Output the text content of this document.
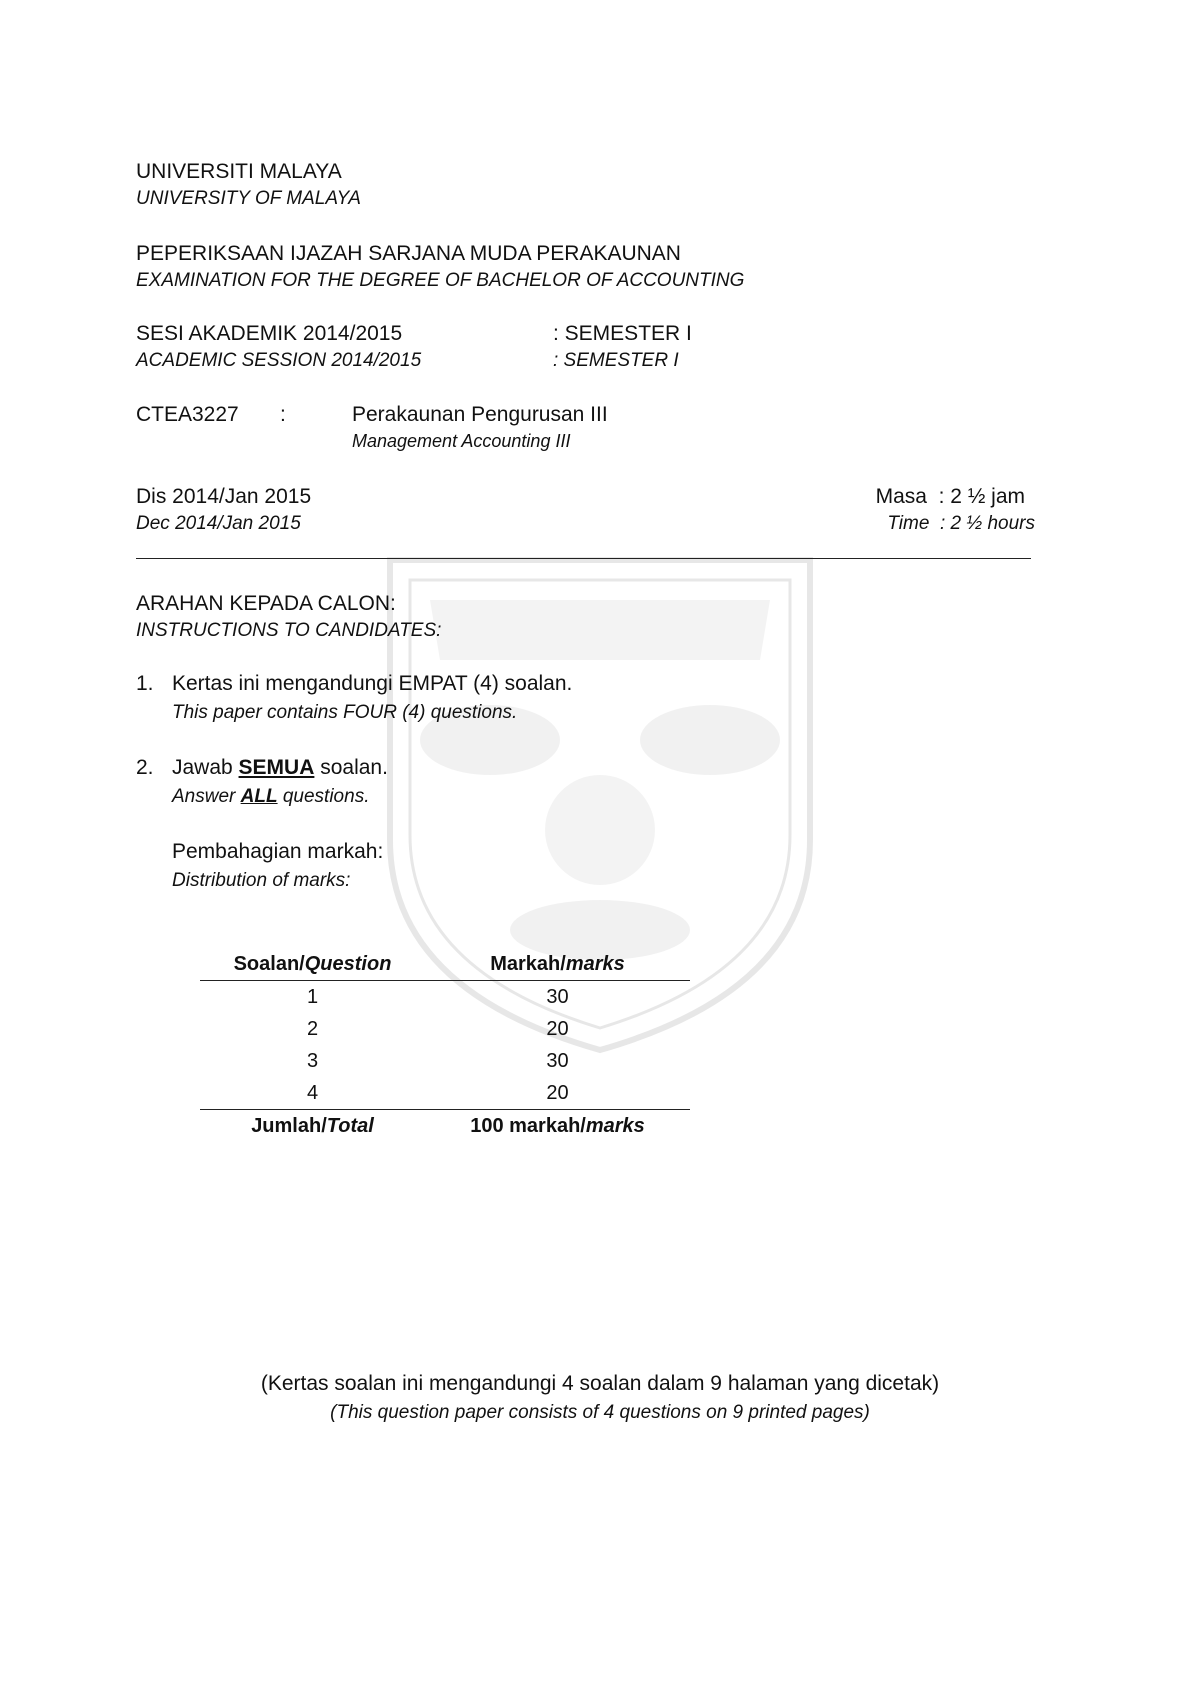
UNIVERSITI MALAYA
UNIVERSITY OF MALAYA
PEPERIKSAAN IJAZAH SARJANA MUDA PERAKAUNAN
EXAMINATION FOR THE DEGREE OF BACHELOR OF ACCOUNTING
SESI AKADEMIK 2014/2015
ACADEMIC SESSION 2014/2015
: SEMESTER I
: SEMESTER I
CTEA3227 :	Perakaunan Pengurusan III
Management Accounting III
Dis 2014/Jan 2015
Dec 2014/Jan 2015
Masa  : 2 ½ jam
Time  : 2 ½ hours
ARAHAN KEPADA CALON:
INSTRUCTIONS TO CANDIDATES:
1. Kertas ini mengandungi EMPAT (4) soalan.
This paper contains FOUR (4) questions.
2. Jawab SEMUA soalan.
Answer ALL questions.
Pembahagian markah:
Distribution of marks:
Soalan/Question	Markah/marks
1	30
2	20
3	30
4	20
Jumlah/Total	100 markah/marks
(Kertas soalan ini mengandungi 4 soalan dalam 9 halaman yang dicetak)
(This question paper consists of 4 questions on 9 printed pages)
